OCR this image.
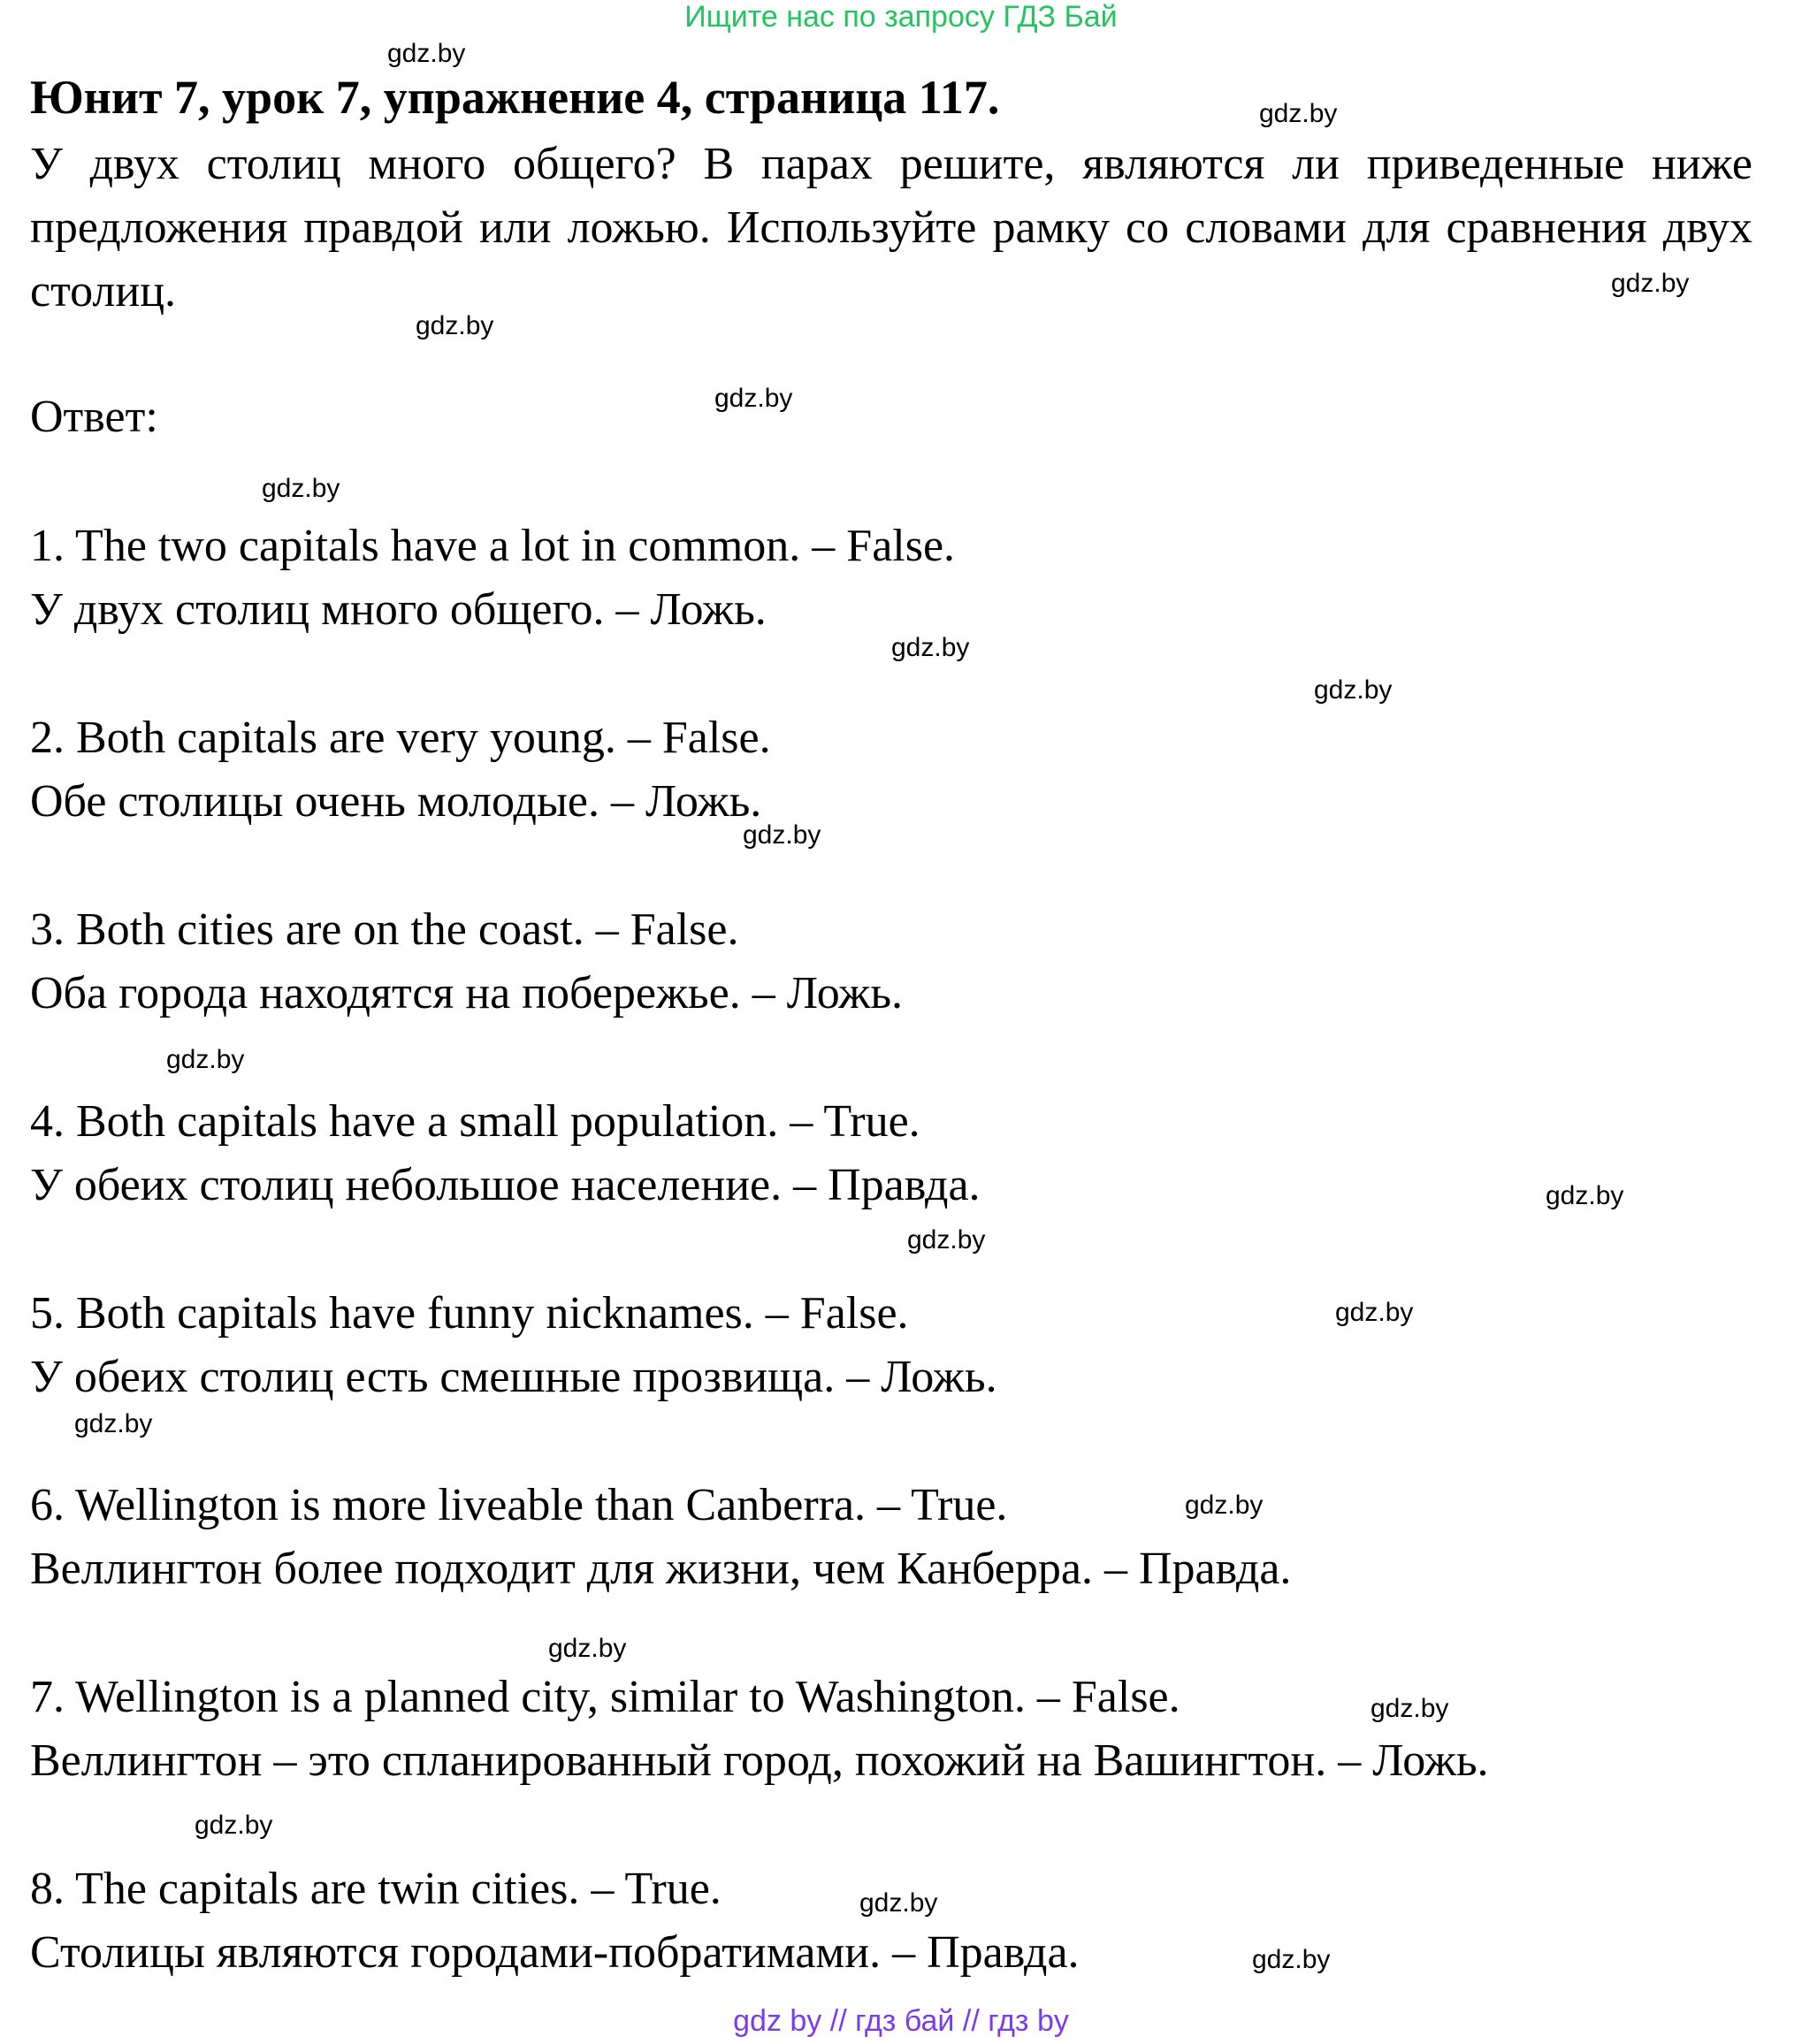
Ищите нас по запросу ГДЗ Бай
Юнит 7, урок 7, упражнение 4, страница 117.
У двух столиц много общего? В парах решите, являются ли приведенные ниже предложения правдой или ложью. Используйте рамку со словами для сравнения двух столиц.
Ответ:
1. The two capitals have a lot in common. – False.
У двух столиц много общего. – Ложь.
2. Both capitals are very young. – False.
Обе столицы очень молодые. – Ложь.
3. Both cities are on the coast. – False.
Оба города находятся на побережье. – Ложь.
4. Both capitals have a small population. – True.
У обеих столиц небольшое население. – Правда.
5. Both capitals have funny nicknames. – False.
У обеих столиц есть смешные прозвища. – Ложь.
6. Wellington is more liveable than Canberra. – True.
Веллингтон более подходит для жизни, чем Канберра. – Правда.
7. Wellington is a planned city, similar to Washington. – False.
Веллингтон – это спланированный город, похожий на Вашингтон. – Ложь.
8. The capitals are twin cities. – True.
Столицы являются городами-побратимами. – Правда.
gdz.by
gdz.by
gdz.by
gdz.by
gdz.by
gdz.by
gdz.by
gdz.by
gdz.by
gdz.by
gdz.by
gdz.by
gdz.by
gdz.by
gdz.by
gdz.by
gdz.by
gdz.by
gdz.by
gdz.by
gdz by // гдз бай // гдз by
